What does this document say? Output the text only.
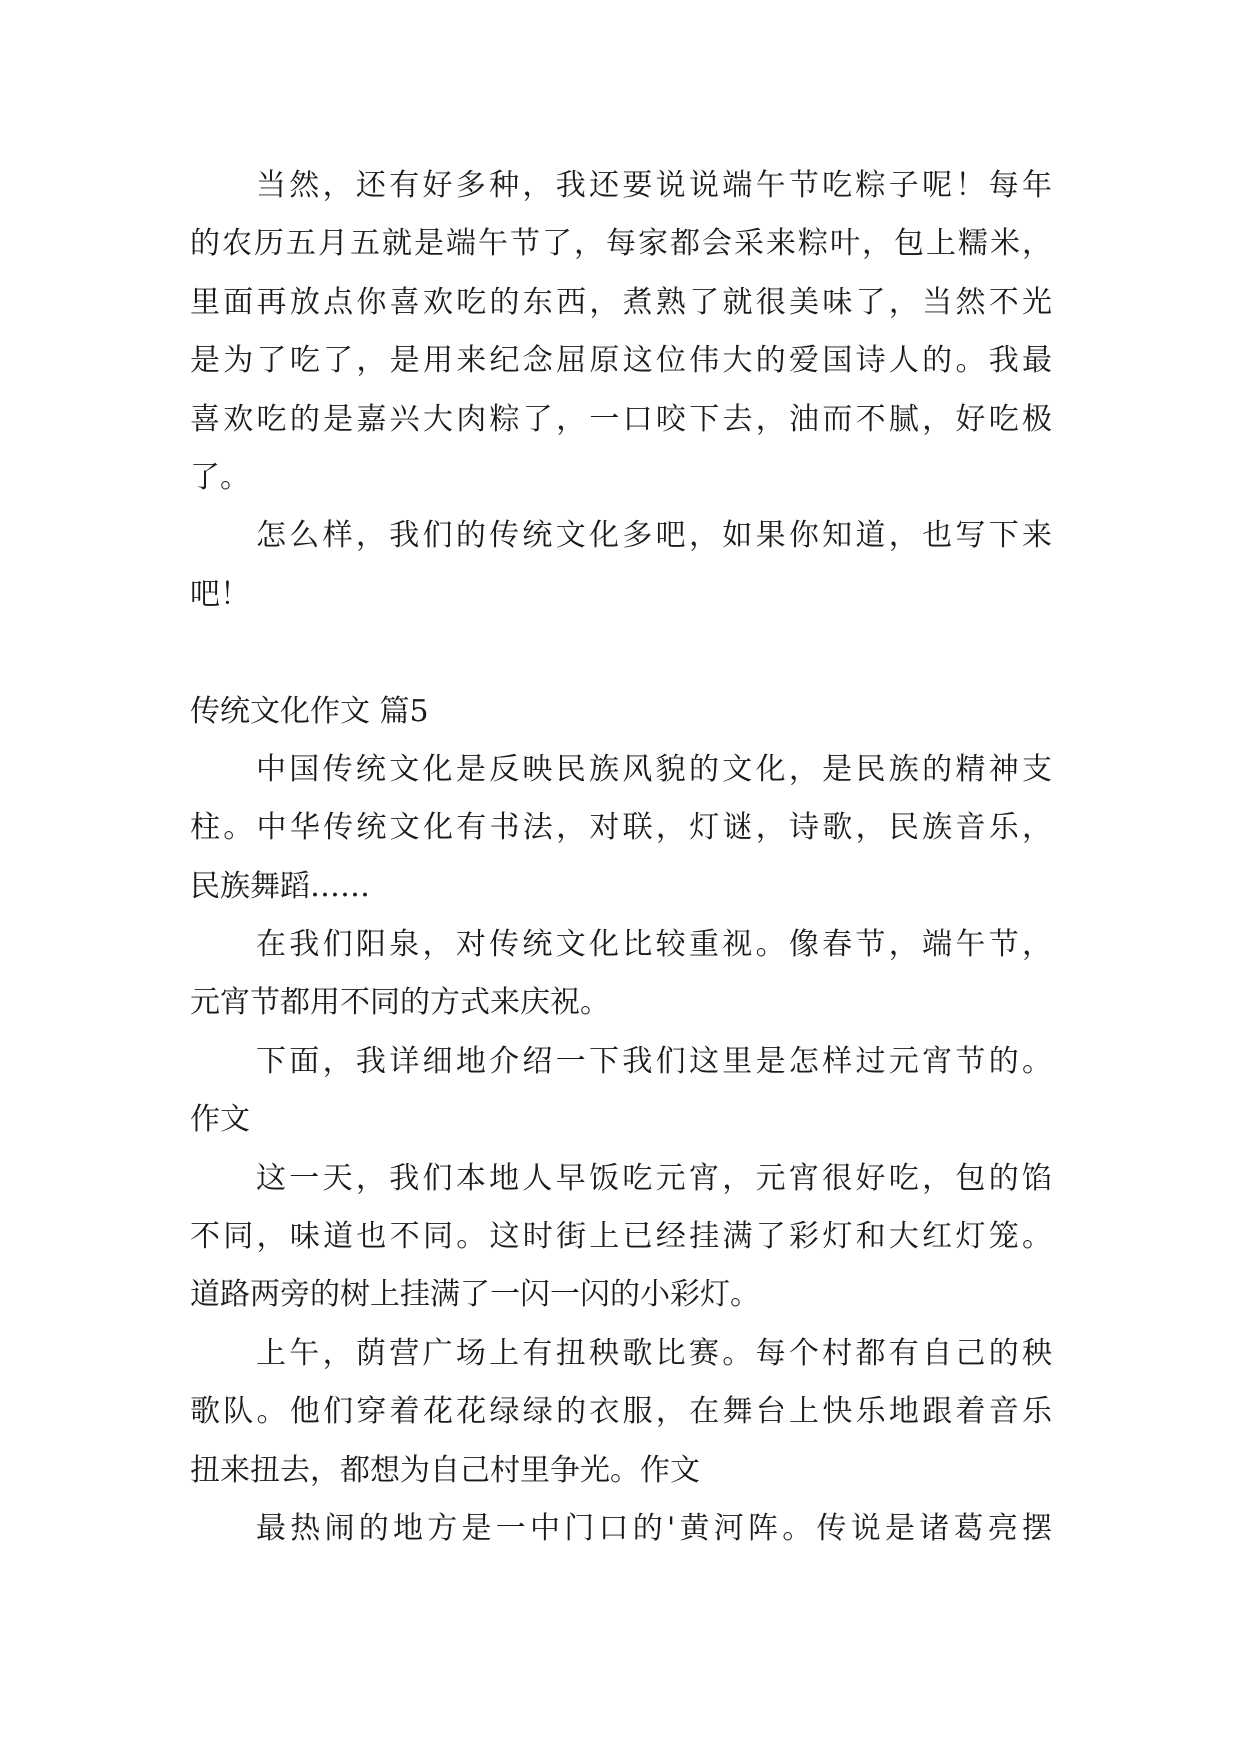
当然，还有好多种，我还要说说端午节吃粽子呢！每年
的农历五月五就是端午节了，每家都会采来粽叶，包上糯米，
里面再放点你喜欢吃的东西，煮熟了就很美味了，当然不光
是为了吃了，是用来纪念屈原这位伟大的爱国诗人的。我最
喜欢吃的是嘉兴大肉粽了，一口咬下去，油而不腻，好吃极
了。
怎么样，我们的传统文化多吧，如果你知道，也写下来
吧！
传统文化作文 篇5
中国传统文化是反映民族风貌的文化，是民族的精神支
柱。中华传统文化有书法，对联，灯谜，诗歌，民族音乐，
民族舞蹈……
在我们阳泉，对传统文化比较重视。像春节，端午节，
元宵节都用不同的方式来庆祝。
下面，我详细地介绍一下我们这里是怎样过元宵节的。
作文
这一天，我们本地人早饭吃元宵，元宵很好吃，包的馅
不同，味道也不同。这时街上已经挂满了彩灯和大红灯笼。
道路两旁的树上挂满了一闪一闪的小彩灯。
上午，荫营广场上有扭秧歌比赛。每个村都有自己的秧
歌队。他们穿着花花绿绿的衣服，在舞台上快乐地跟着音乐
扭来扭去，都想为自己村里争光。作文
最热闹的地方是一中门口的'黄河阵。传说是诸葛亮摆
